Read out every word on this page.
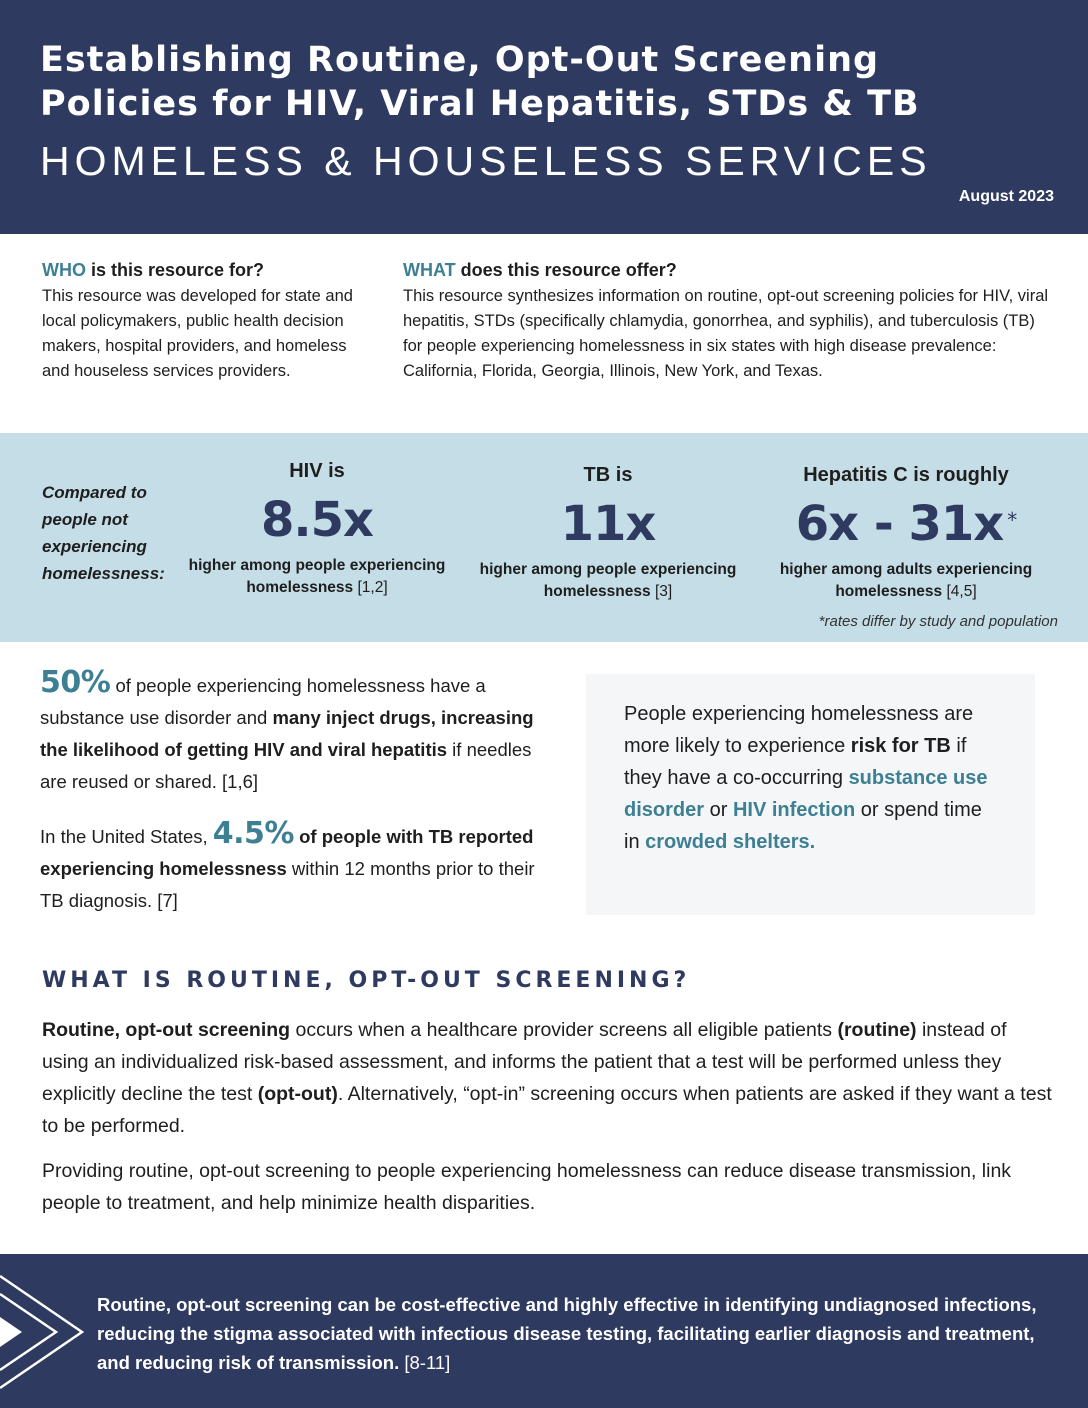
Establishing Routine, Opt-Out Screening
Policies for HIV, Viral Hepatitis, STDs & TB
HOMELESS & HOUSELESS SERVICES
August 2023
WHO is this resource for?
This resource was developed for state and local policymakers, public health decision makers, hospital providers, and homeless and houseless services providers.
WHAT does this resource offer?
This resource synthesizes information on routine, opt-out screening policies for HIV, viral hepatitis, STDs (specifically chlamydia, gonorrhea, and syphilis), and tuberculosis (TB) for people experiencing homelessness in six states with high disease prevalence: California, Florida, Georgia, Illinois, New York, and Texas.
Compared to people not experiencing homelessness:
HIV is
8.5x
higher among people experiencing homelessness [1,2]
TB is
11x
higher among people experiencing homelessness [3]
Hepatitis C is roughly
6x - 31x *
higher among adults experiencing homelessness [4,5]
*rates differ by study and population
50% of people experiencing homelessness have a substance use disorder and many inject drugs, increasing the likelihood of getting HIV and viral hepatitis if needles are reused or shared. [1,6]
In the United States, 4.5% of people with TB reported experiencing homelessness within 12 months prior to their TB diagnosis. [7]
People experiencing homelessness are more likely to experience risk for TB if they have a co-occurring substance use disorder or HIV infection or spend time in crowded shelters.
WHAT IS ROUTINE, OPT-OUT SCREENING?
Routine, opt-out screening occurs when a healthcare provider screens all eligible patients (routine) instead of using an individualized risk-based assessment, and informs the patient that a test will be performed unless they explicitly decline the test (opt-out). Alternatively, “opt-in” screening occurs when patients are asked if they want a test to be performed.
Providing routine, opt-out screening to people experiencing homelessness can reduce disease transmission, link people to treatment, and help minimize health disparities.
Routine, opt-out screening can be cost-effective and highly effective in identifying undiagnosed infections, reducing the stigma associated with infectious disease testing, facilitating earlier diagnosis and treatment, and reducing risk of transmission. [8-11]
